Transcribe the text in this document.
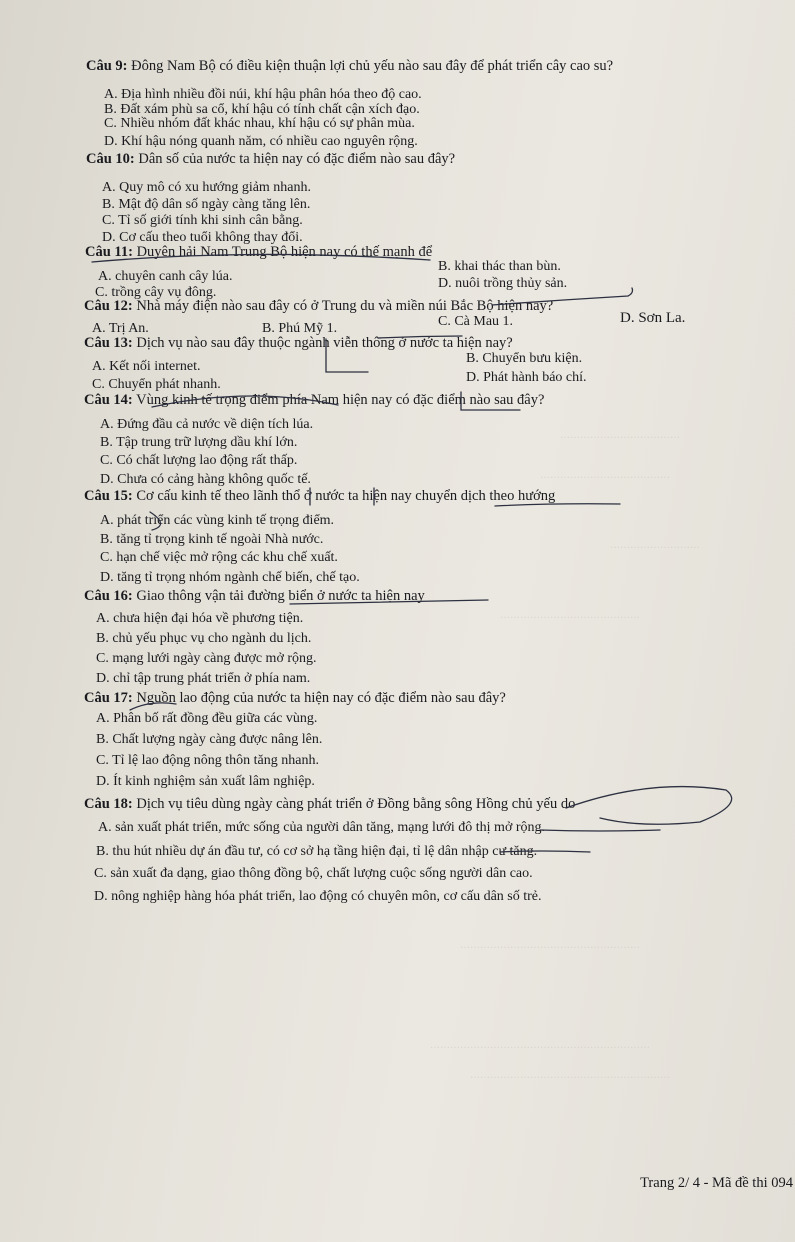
………………………………
…………………………………
………………………
……………………………………
………………………………………………
…………………………………………………………
……………………………………………………
Câu 9: Đông Nam Bộ có điều kiện thuận lợi chủ yếu nào sau đây để phát triển cây cao su?
A. Địa hình nhiều đồi núi, khí hậu phân hóa theo độ cao.
B. Đất xám phù sa cổ, khí hậu có tính chất cận xích đạo.
C. Nhiều nhóm đất khác nhau, khí hậu có sự phân mùa.
D. Khí hậu nóng quanh năm, có nhiều cao nguyên rộng.
Câu 10: Dân số của nước ta hiện nay có đặc điểm nào sau đây?
A. Quy mô có xu hướng giảm nhanh.
B. Mật độ dân số ngày càng tăng lên.
C. Tỉ số giới tính khi sinh cân bằng.
D. Cơ cấu theo tuổi không thay đổi.
Câu 11: Duyên hải Nam Trung Bộ hiện nay có thế mạnh để
A. chuyên canh cây lúa.
B. khai thác than bùn.
C. trồng cây vụ đông.
D. nuôi trồng thủy sản.
Câu 12: Nhà máy điện nào sau đây có ở Trung du và miền núi Bắc Bộ hiện nay?
A. Trị An.	B. Phú Mỹ 1.	C. Cà Mau 1.	D. Sơn La.
Câu 13: Dịch vụ nào sau đây thuộc ngành viễn thông ở nước ta hiện nay?
A. Kết nối internet.
B. Chuyển bưu kiện.
C. Chuyển phát nhanh.	D. Phát hành báo chí.
Câu 14: Vùng kinh tế trọng điểm phía Nam hiện nay có đặc điểm nào sau đây?
A. Đứng đầu cả nước về diện tích lúa.
B. Tập trung trữ lượng dầu khí lớn.
C. Có chất lượng lao động rất thấp.
D. Chưa có cảng hàng không quốc tế.
Câu 15: Cơ cấu kinh tế theo lãnh thổ ở nước ta hiện nay chuyển dịch theo hướng
A. phát triển các vùng kinh tế trọng điểm.
B. tăng tỉ trọng kinh tế ngoài Nhà nước.
C. hạn chế việc mở rộng các khu chế xuất.
D. tăng tỉ trọng nhóm ngành chế biến, chế tạo.
Câu 16: Giao thông vận tải đường biển ở nước ta hiện nay
A. chưa hiện đại hóa về phương tiện.
B. chủ yếu phục vụ cho ngành du lịch.
C. mạng lưới ngày càng được mở rộng.
D. chỉ tập trung phát triển ở phía nam.
Câu 17: Nguồn lao động của nước ta hiện nay có đặc điểm nào sau đây?
A. Phân bố rất đồng đều giữa các vùng.
B. Chất lượng ngày càng được nâng lên.
C. Tỉ lệ lao động nông thôn tăng nhanh.
D. Ít kinh nghiệm sản xuất lâm nghiệp.
Câu 18: Dịch vụ tiêu dùng ngày càng phát triển ở Đồng bằng sông Hồng chủ yếu do
A. sản xuất phát triển, mức sống của người dân tăng, mạng lưới đô thị mở rộng.
B. thu hút nhiều dự án đầu tư, có cơ sở hạ tầng hiện đại, tỉ lệ dân nhập cư tăng.
C. sản xuất đa dạng, giao thông đồng bộ, chất lượng cuộc sống người dân cao.
D. nông nghiệp hàng hóa phát triển, lao động có chuyên môn, cơ cấu dân số trẻ.
Trang 2/ 4 - Mã đề thi 094
